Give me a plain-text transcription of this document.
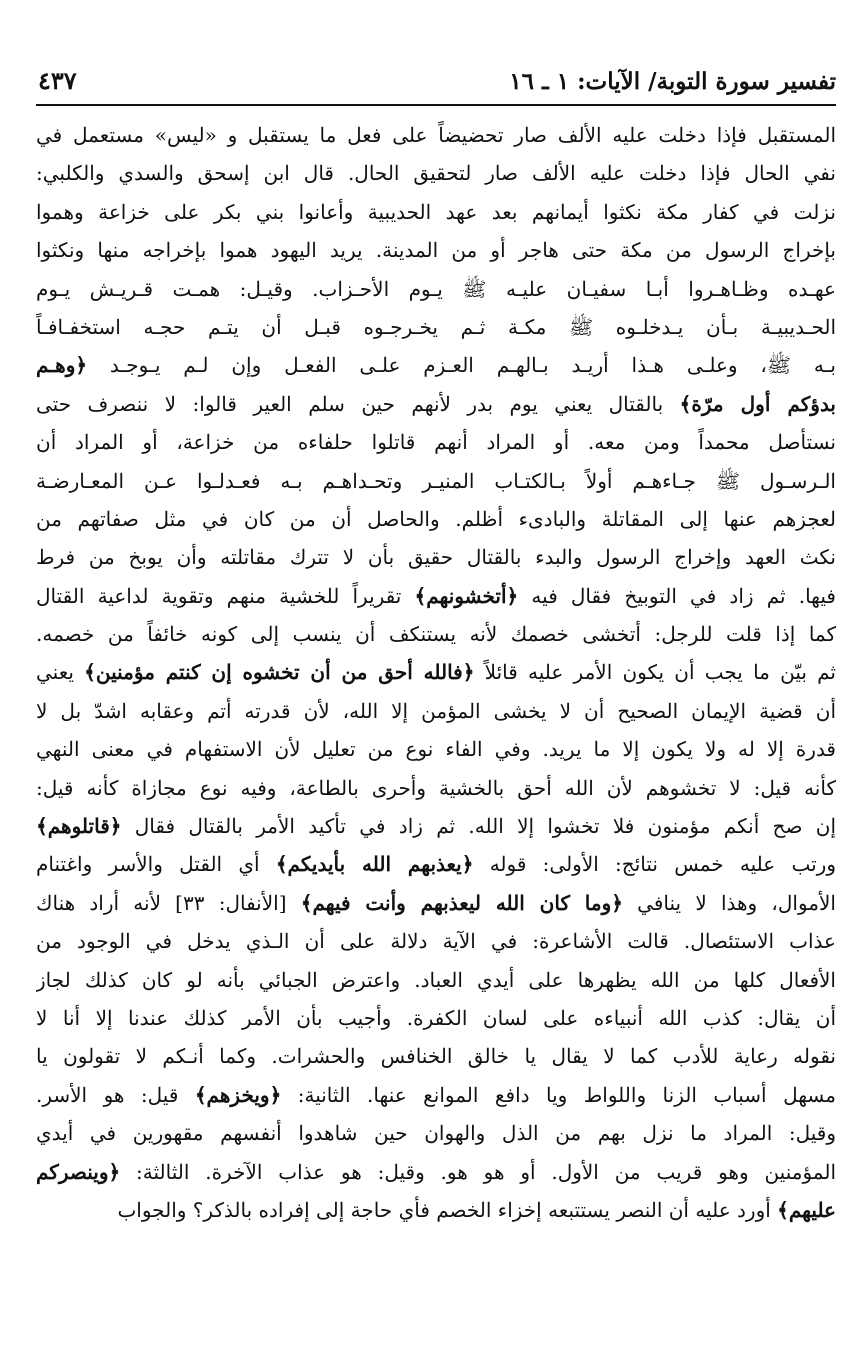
تفسير سورة التوبة/ الآيات: ١ ـ ١٦
٤٣٧
المستقبل فإذا دخلت عليه الألف صار تحضيضاً على فعل ما يستقبل و «ليس» مستعمل في
نفي الحال فإذا دخلت عليه الألف صار لتحقيق الحال. قال ابن إسحق والسدي والكلبي:
نزلت في كفار مكة نكثوا أيمانهم بعد عهد الحديبية وأعانوا بني بكر على خزاعة وهموا
بإخراج الرسول من مكة حتى هاجر أو من المدينة. يريد اليهود هموا بإخراجه منها ونكثوا
عهـده وظـاهـروا أبـا سفيـان عليـه ﷺ يـوم الأحـزاب. وقيـل: همـت قـريـش يـوم
الحـديبيـة بـأن يـدخلـوه ﷺ مكـة ثـم يخـرجـوه قبـل أن يتـم حجـه استخفـافـاً
بـه ﷺ، وعلـى هـذا أريـد بـالهـم العـزم علـى الفعـل وإن لـم يـوجـد ﴿وهـم
بدؤكم أول مرّة﴾ بالقتال يعني يوم بدر لأنهم حين سلم العير قالوا: لا ننصرف حتى
نستأصل محمداً ومن معه. أو المراد أنهم قاتلوا حلفاءه من خزاعة، أو المراد أن
الـرسـول ﷺ جـاءهـم أولاً بـالكتـاب المنيـر وتحـداهـم بـه فعـدلـوا عـن المعـارضـة
لعجزهم عنها إلى المقاتلة والبادىء أظلم. والحاصل أن من كان في مثل صفاتهم من
نكث العهد وإخراج الرسول والبدء بالقتال حقيق بأن لا تترك مقاتلته وأن يوبخ من فرط
فيها. ثم زاد في التوبيخ فقال فيه ﴿أتخشونهم﴾ تقريراً للخشية منهم وتقوية لداعية القتال
كما إذا قلت للرجل: أتخشى خصمك لأنه يستنكف أن ينسب إلى كونه خائفاً من خصمه.
ثم بيّن ما يجب أن يكون الأمر عليه قائلاً ﴿فالله أحق من أن تخشوه إن كنتم مؤمنين﴾ يعني
أن قضية الإيمان الصحيح أن لا يخشى المؤمن إلا الله، لأن قدرته أتم وعقابه اشدّ بل لا
قدرة إلا له ولا يكون إلا ما يريد. وفي الفاء نوع من تعليل لأن الاستفهام في معنى النهي
كأنه قيل: لا تخشوهم لأن الله أحق بالخشية وأحرى بالطاعة، وفيه نوع مجازاة كأنه قيل:
إن صح أنكم مؤمنون فلا تخشوا إلا الله. ثم زاد في تأكيد الأمر بالقتال فقال ﴿قاتلوهم﴾
ورتب عليه خمس نتائج: الأولى: قوله ﴿يعذبهم الله بأيديكم﴾ أي القتل والأسر واغتنام
الأموال، وهذا لا ينافي ﴿وما كان الله ليعذبهم وأنت فيهم﴾ [الأنفال: ٣٣] لأنه أراد هناك
عذاب الاستئصال. قالت الأشاعرة: في الآية دلالة على أن الـذي يدخل في الوجود من
الأفعال كلها من الله يظهرها على أيدي العباد. واعترض الجبائي بأنه لو كان كذلك لجاز
أن يقال: كذب الله أنبياءه على لسان الكفرة. وأجيب بأن الأمر كذلك عندنا إلا أنا لا
نقوله رعاية للأدب كما لا يقال يا خالق الخنافس والحشرات. وكما أنـكم لا تقولون يا
مسهل أسباب الزنا واللواط ويا دافع الموانع عنها. الثانية: ﴿ويخزهم﴾ قيل: هو الأسر.
وقيل: المراد ما نزل بهم من الذل والهوان حين شاهدوا أنفسهم مقهورين في أيدي
المؤمنين وهو قريب من الأول. أو هو هو. وقيل: هو عذاب الآخرة. الثالثة: ﴿وينصركم
عليهم﴾ أورد عليه أن النصر يستتبعه إخزاء الخصم فأي حاجة إلى إفراده بالذكر؟ والجواب
